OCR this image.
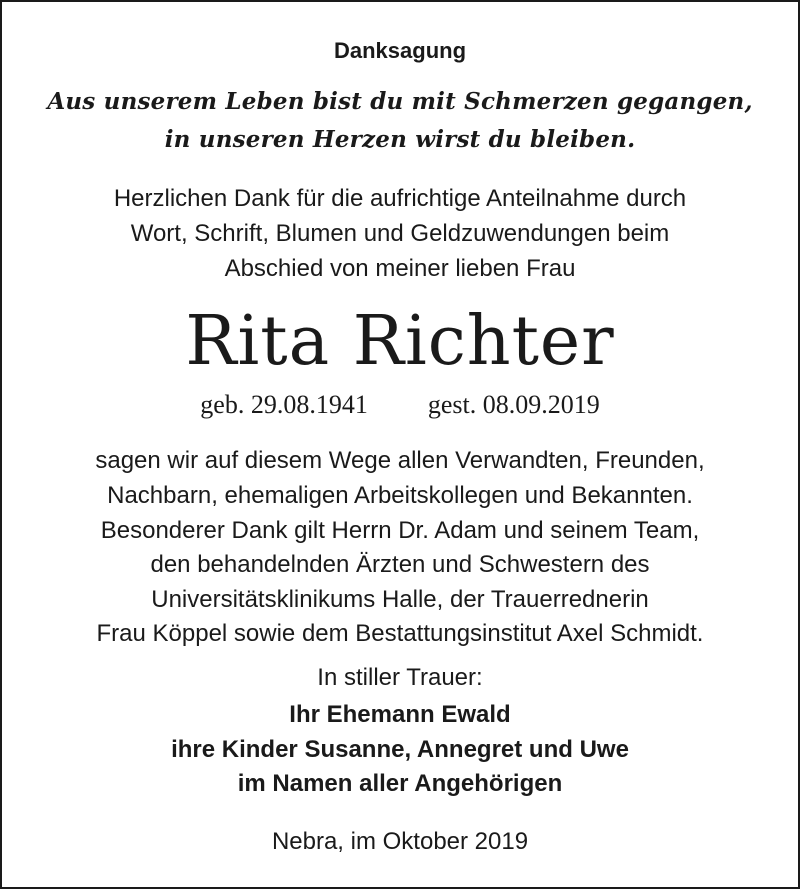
Danksagung
Aus unserem Leben bist du mit Schmerzen gegangen,
in unseren Herzen wirst du bleiben.
Herzlichen Dank für die aufrichtige Anteilnahme durch
Wort, Schrift, Blumen und Geldzuwendungen beim
Abschied von meiner lieben Frau
Rita Richter
geb. 29.08.1941 gest. 08.09.2019
sagen wir auf diesem Wege allen Verwandten, Freunden,
Nachbarn, ehemaligen Arbeitskollegen und Bekannten.
Besonderer Dank gilt Herrn Dr. Adam und seinem Team,
den behandelnden Ärzten und Schwestern des
Universitätsklinikums Halle, der Trauerrednerin
Frau Köppel sowie dem Bestattungsinstitut Axel Schmidt.
In stiller Trauer:
Ihr Ehemann Ewald
ihre Kinder Susanne, Annegret und Uwe
im Namen aller Angehörigen
Nebra, im Oktober 2019
